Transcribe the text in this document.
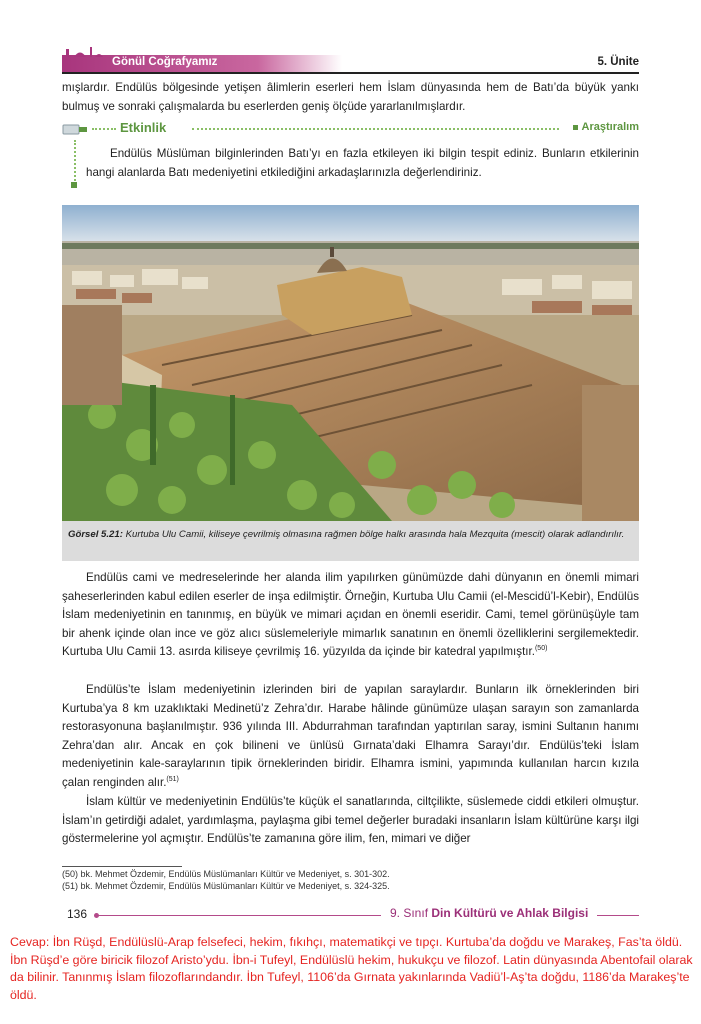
Gönül Coğrafyamız	5. Ünite
mışlardır. Endülüs bölgesinde yetişen âlimlerin eserleri hem İslam dünyasında hem de Batı’da büyük yankı bulmuş ve sonraki çalışmalarda bu eserlerden geniş ölçüde yararlanılmışlardır.
Etkinlik	Araştıralım
Endülüs Müslüman bilginlerinden Batı’yı en fazla etkileyen iki bilgin tespit ediniz. Bunların etkilerinin hangi alanlarda Batı medeniyetini etkilediğini arkadaşlarınızla değerlendiriniz.
Görsel 5.21: Kurtuba Ulu Camii, kiliseye çevrilmiş olmasına rağmen bölge halkı arasında hala Mezquita (mescit) olarak adlandırılır.
Endülüs cami ve medreselerinde her alanda ilim yapılırken günümüzde dahi dünyanın en önemli mimari şaheserlerinden kabul edilen eserler de inşa edilmiştir. Örneğin, Kurtuba Ulu Camii (el-Mescidü’l-Kebir), Endülüs İslam medeniyetinin en tanınmış, en büyük ve mimari açıdan en önemli eseridir. Cami, temel görünüşüyle tam bir ahenk içinde olan ince ve göz alıcı süslemeleriyle mimarlık sanatının en önemli özelliklerini sergilemektedir. Kurtuba Ulu Camii 13. asırda kiliseye çevrilmiş 16. yüzyılda da içinde bir katedral yapılmıştır.$^{(50)}$
Endülüs’te İslam medeniyetinin izlerinden biri de yapılan saraylardır. Bunların ilk örneklerinden biri Kurtuba’ya 8 km uzaklıktaki Medinetü’z Zehra’dır. Harabe hâlinde günümüze ulaşan sarayın son zamanlarda restorasyonuna başlanılmıştır. 936 yılında III. Abdurrahman tarafından yaptırılan saray, ismini Sultanın hanımı Zehra’dan alır. Ancak en çok bilineni ve ünlüsü Gırnata’daki Elhamra Sarayı’dır. Endülüs’teki İslam medeniyetinin kale-saraylarının tipik örneklerinden biridir. Elhamra ismini, yapımında kullanılan harcın kızıla çalan renginden alır.$^{(51)}$
İslam kültür ve medeniyetinin Endülüs’te küçük el sanatlarında, ciltçilikte, süslemede ciddi etkileri olmuştur. İslam’ın getirdiği adalet, yardımlaşma, paylaşma gibi temel değerler buradaki insanların İslam kültürüne karşı ilgi göstermelerine yol açmıştır. Endülüs’te zamanına göre ilim, fen, mimari ve diğer
(50) bk. Mehmet Özdemir, Endülüs Müslümanları Kültür ve Medeniyet, s. 301-302.
(51) bk. Mehmet Özdemir, Endülüs Müslümanları Kültür ve Medeniyet, s. 324-325.
136	9. Sınıf Din Kültürü ve Ahlak Bilgisi
Cevap: İbn Rüşd, Endülüslü-Arap felsefeci, hekim, fıkıhçı, matematikçi ve tıpçı. Kurtuba’da doğdu ve Marakeş, Fas’ta öldü. İbn Rüşd’e göre biricik filozof Aristo’ydu. İbn-i Tufeyl, Endülüslü hekim, hukukçu ve filozof. Latin dünyasında Abentofail olarak da bilinir. Tanınmış İslam filozoflarındandır. İbn Tufeyl, 1106’da Gırnata yakınlarında Vadiü’l-Aş’ta doğdu, 1186’da Marakeş’te öldü.
